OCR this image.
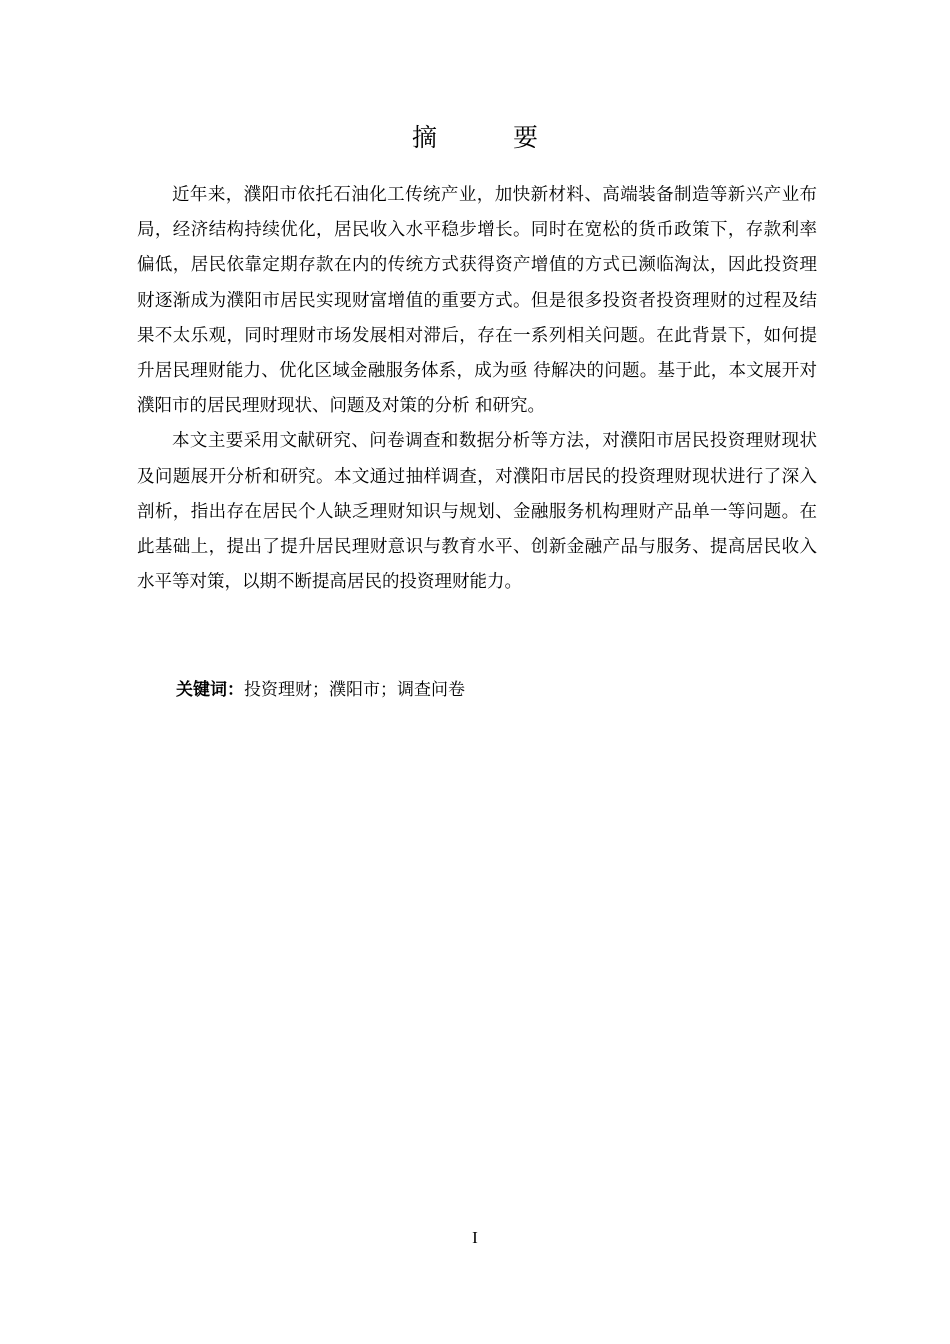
摘 要

近年来，濮阳市依托石油化工传统产业，加快新材料、高端装备制造等新兴产业布局，经济结构持续优化，居民收入水平稳步增长。同时在宽松的货币政策下，存款利率偏低，居民依靠定期存款在内的传统方式获得资产增值的方式已濒临淘汰，因此投资理财逐渐成为濮阳市居民实现财富增值的重要方式。但是很多投资者投资理财的过程及结果不太乐观，同时理财市场发展相对滞后，存在一系列相关问题。在此背景下，如何提升居民理财能力、优化区域金融服务体系，成为亟 待解决的问题。基于此，本文展开对濮阳市的居民理财现状、问题及对策的分析 和研究。

本文主要采用文献研究、问卷调查和数据分析等方法，对濮阳市居民投资理财现状及问题展开分析和研究。本文通过抽样调查，对濮阳市居民的投资理财现状进行了深入剖析，指出存在居民个人缺乏理财知识与规划、金融服务机构理财产品单一等问题。在此基础上，提出了提升居民理财意识与教育水平、创新金融产品与服务、提高居民收入水平等对策，以期不断提高居民的投资理财能力。

关键词：投资理财；濮阳市；调查问卷
I
